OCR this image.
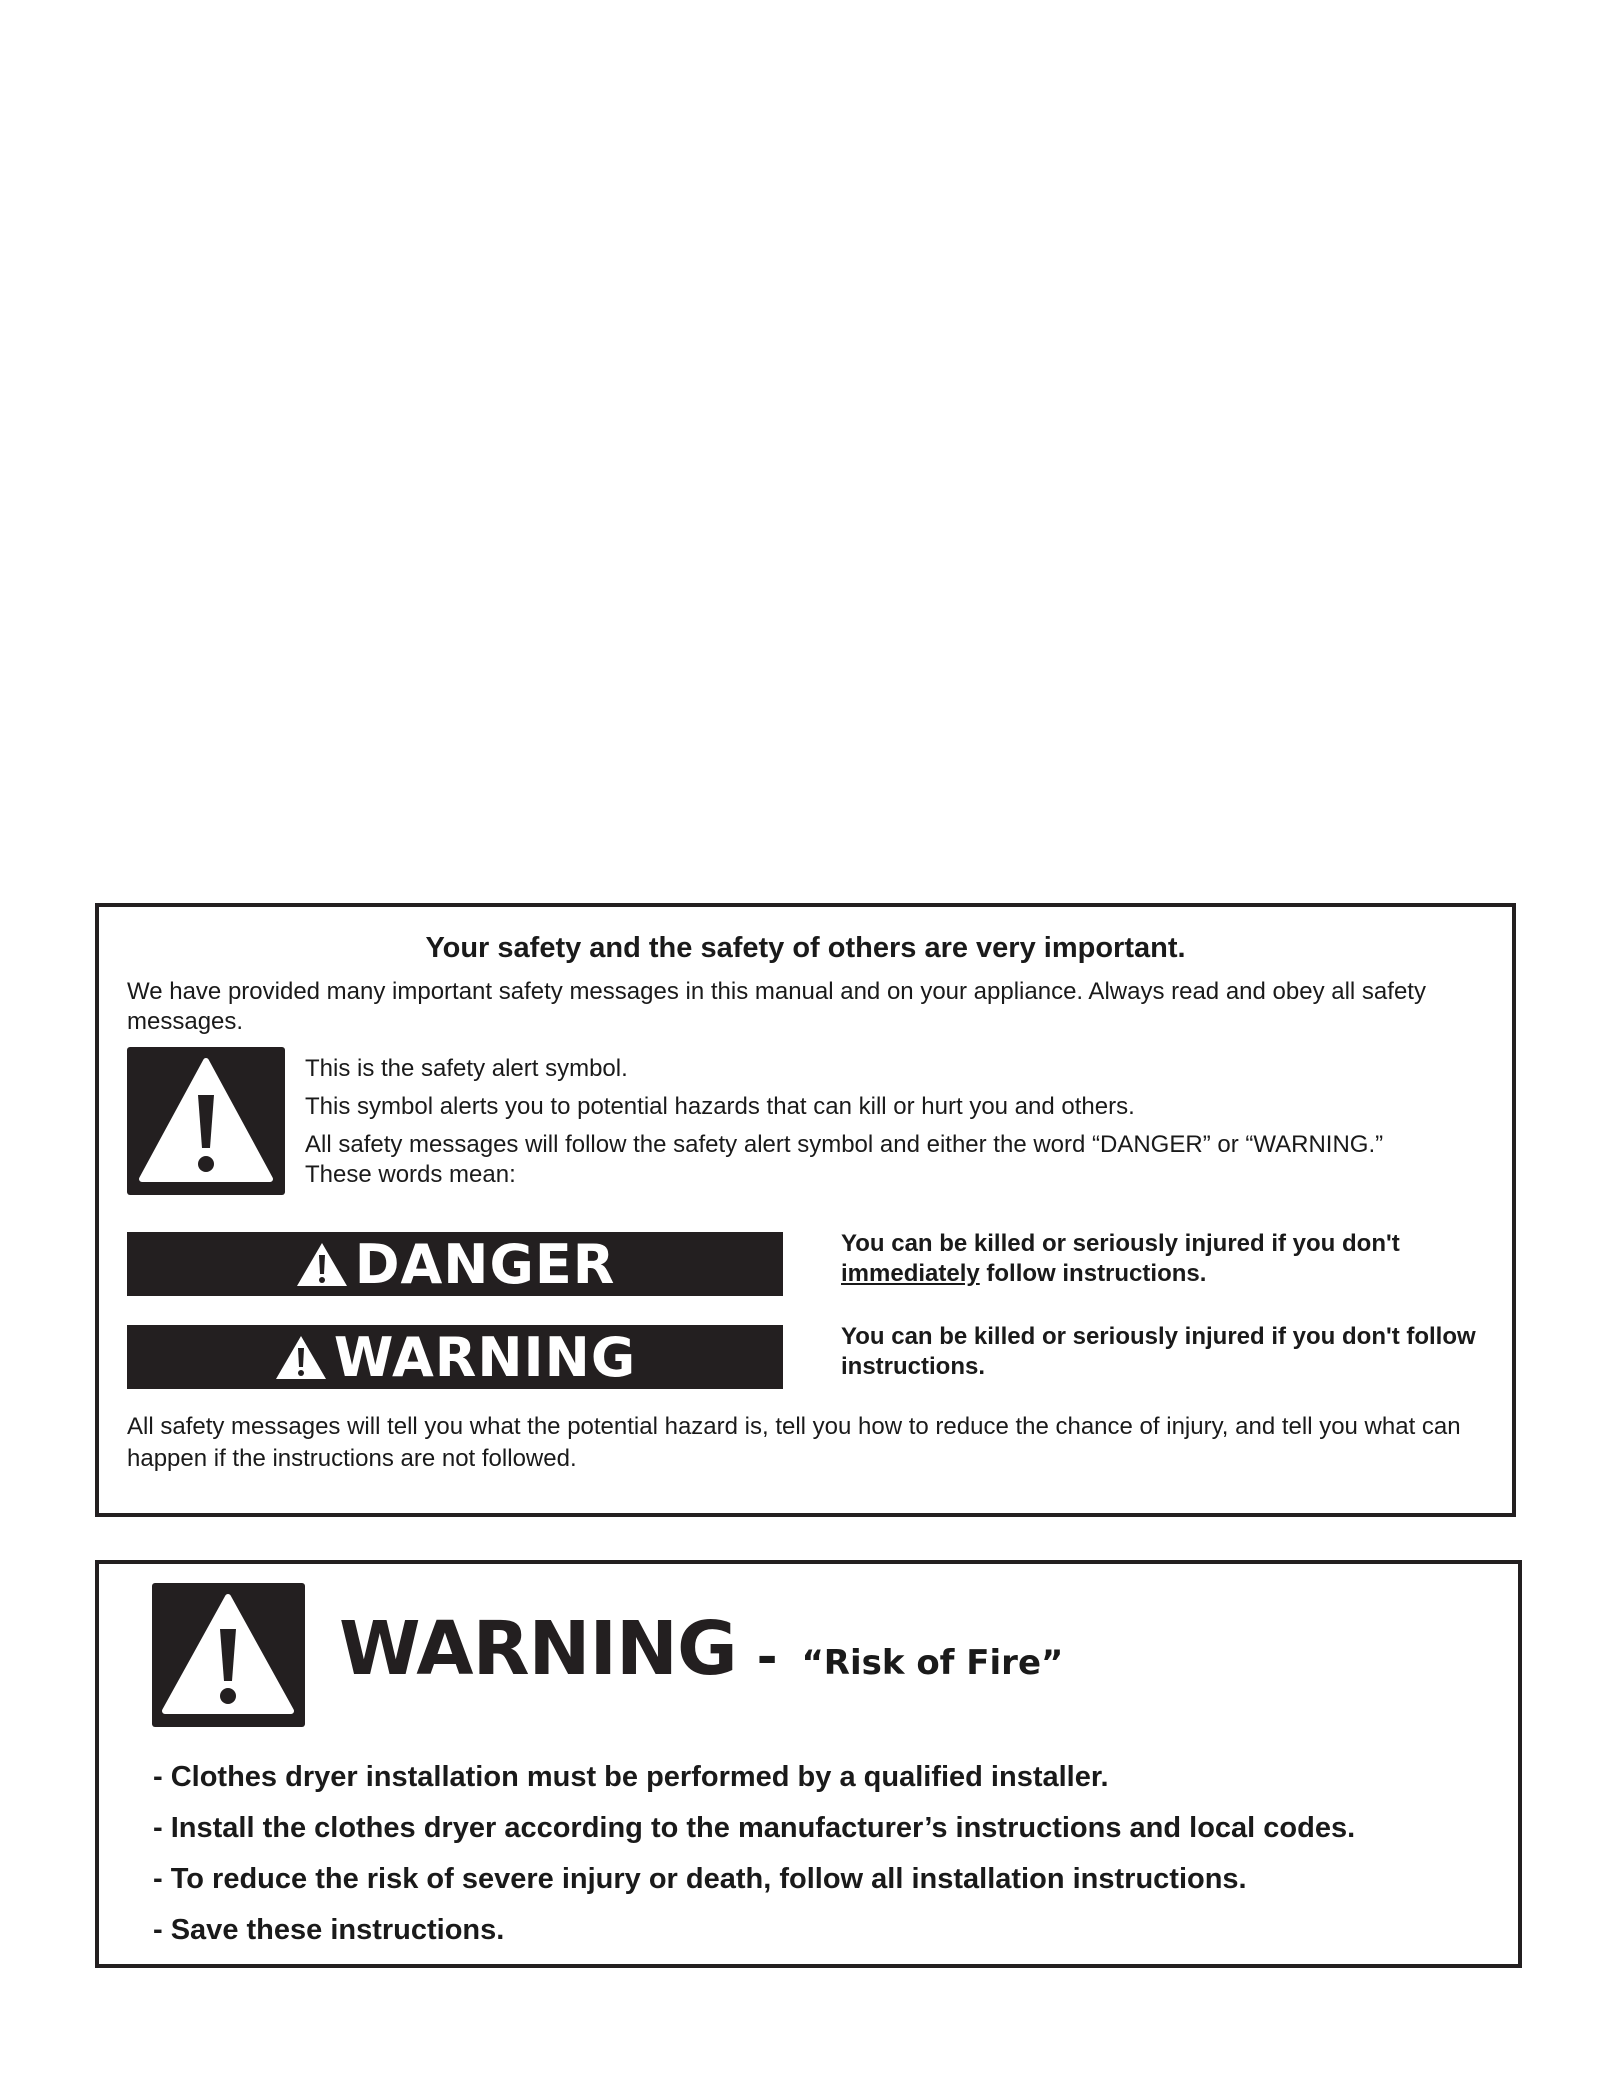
Your safety and the safety of others are very important.
We have provided many important safety messages in this manual and on your appliance. Always read and obey all safety messages.
This is the safety alert symbol.
This symbol alerts you to potential hazards that can kill or hurt you and others.
All safety messages will follow the safety alert symbol and either the word “DANGER” or “WARNING.” These words mean:
DANGER	You can be killed or seriously injured if you don't immediately follow instructions.
WARNING	You can be killed or seriously injured if you don't follow instructions.
All safety messages will tell you what the potential hazard is, tell you how to reduce the chance of injury, and tell you what can happen if the instructions are not followed.
WARNING - “Risk of Fire”
- Clothes dryer installation must be performed by a qualified installer.
- Install the clothes dryer according to the manufacturer’s instructions and local codes.
- To reduce the risk of severe injury or death, follow all installation instructions.
- Save these instructions.
